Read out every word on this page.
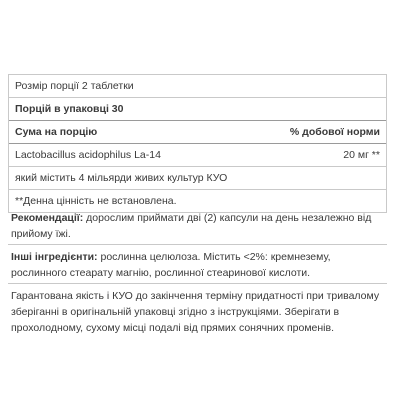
Розмір порції 2 таблетки
Порцій в упаковці 30
Сума на порцію	% добової норми
Lactobacillus acidophilus La-14	20 мг **
який містить 4 мільярди живих культур КУО
**Денна цінність не встановлена.

Рекомендації: дорослим приймати дві (2) капсули на день незалежно від прийому їжі.

Інші інгредієнти: рослинна целюлоза. Містить <2%: кремнезему, рослинного стеарату магнію, рослинної стеаринової кислоти.

Гарантована якість і КУО до закінчення терміну придатності при тривалому зберіганні в оригінальній упаковці згідно з інструкціями. Зберігати в прохолодному, сухому місці подалі від прямих сонячних променів.
